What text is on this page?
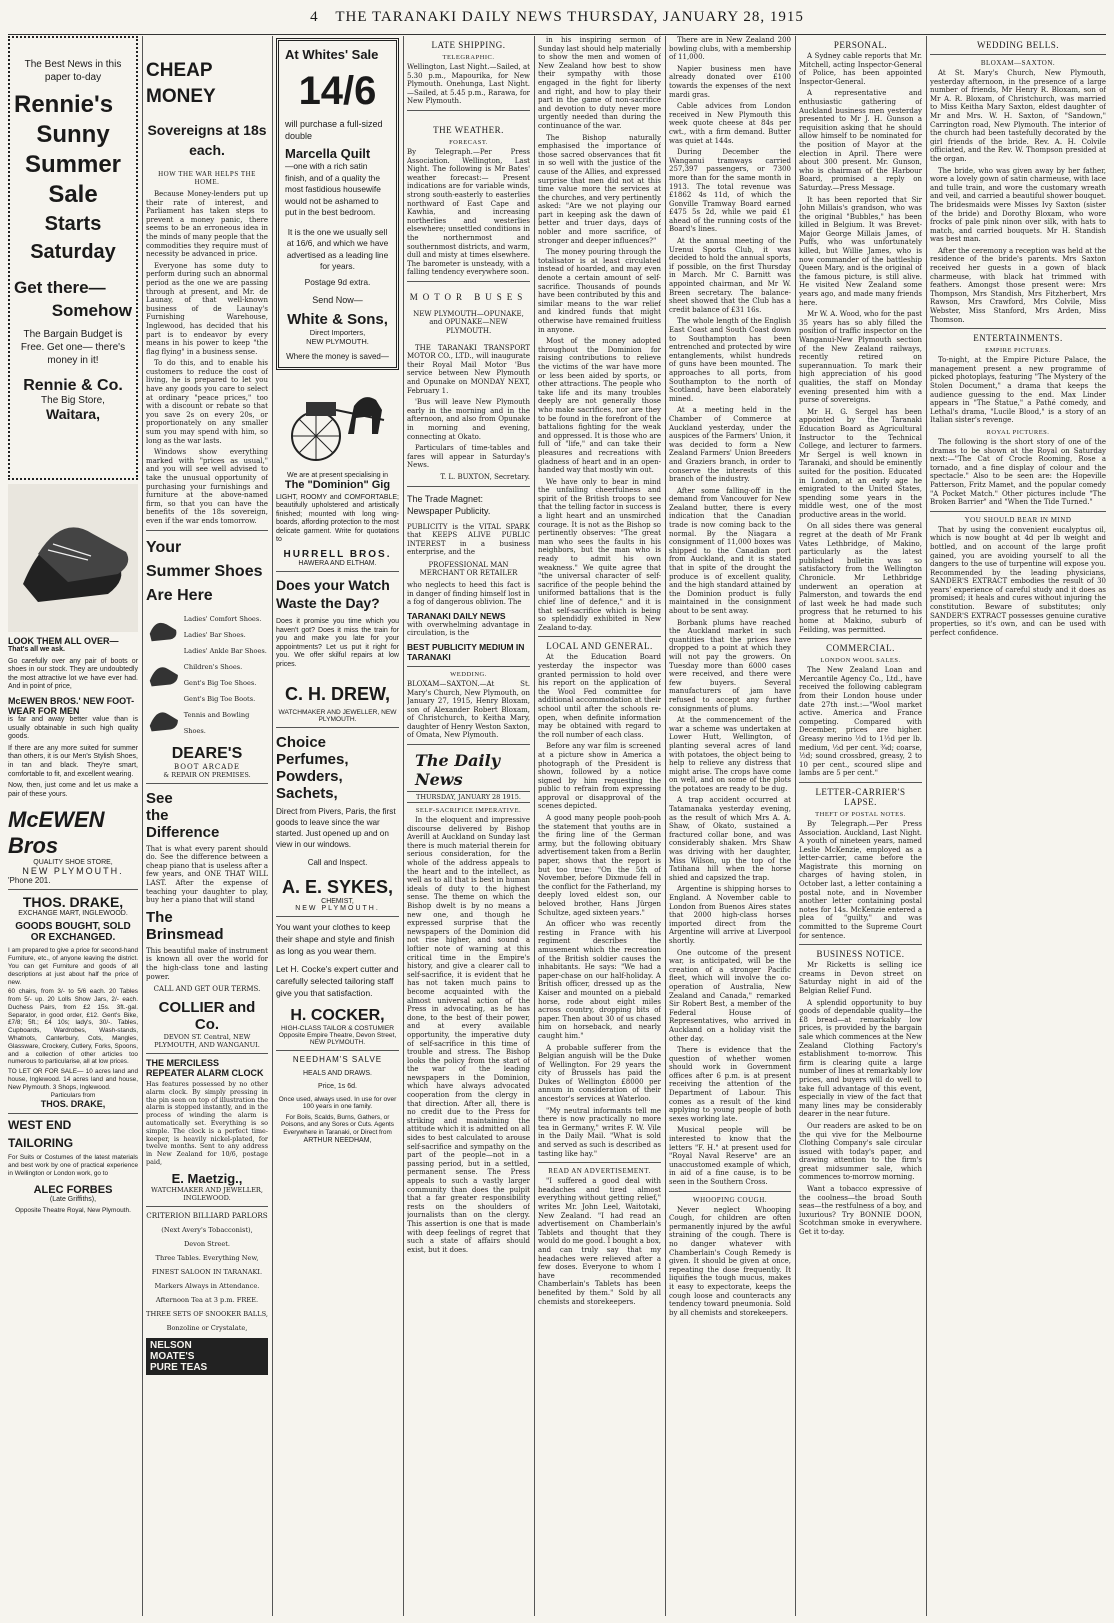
4 THE TARANAKI DAILY NEWS THURSDAY, JANUARY 28, 1915
The Best News in this paper to-day
Rennie's
Sunny
Summer
Sale
Starts
Saturday
Get there—
Somehow
The Bargain Budget is Free. Get one— there's money in it!
Rennie & Co.
The Big Store,
Waitara,
LOOK THEM ALL OVER—
That's all we ask.
Go carefully over any pair of boots or shoes in our stock. They are undoubtedly the most attractive lot we have ever had. And in point of price,
McEWEN BROS.' NEW FOOT-WEAR FOR MEN
is far and away better value than is usually obtainable in such high quality goods.
If there are any more suited for summer than others, it is our Men's Stylish Shoes, in tan and black. They're smart, comfortable to fit, and excellent wearing.
Now, then, just come and let us make a pair of these yours.
McEWEN Bros
QUALITY SHOE STORE,
NEW PLYMOUTH.
'Phone 201.
THOS. DRAKE,
EXCHANGE MART, INGLEWOOD.
GOODS BOUGHT, SOLD OR EXCHANGED.
I am prepared to give a price for second-hand Furniture, etc., of anyone leaving the district. You can get Furniture and goods of all descriptions at just about half the price of new.
60 chairs, from 3/- to 5/6 each. 20 Tables from 5/- up. 20 Lolls Show Jars, 2/- each. Duchess Pairs, from £2 15s. 3ft.-gal. Separator, in good order, £12. Gent's Bike, £7/8; 5ft.; £4 10s; lady's, 30/-. Tables, Cupboards, Wardrobes, Wash-stands, Whatnots, Canterbury, Cots, Mangles, Glassware, Crockery, Cutlery, Forks, Spoons, and a collection of other articles too numerous to particularise, all at low prices.
TO LET OR FOR SALE— 10 acres land and house, Inglewood. 14 acres land and house, New Plymouth. 3 Shops, Inglewood.
Particulars from
THOS. DRAKE,
WEST END
TAILORING
For Suits or Costumes of the latest materials and best work by one of practical experience in Wellington or London work, go to
ALEC FORBES
(Late Griffiths),
Opposite Theatre Royal, New Plymouth.
CHEAP MONEY
Sovereigns at 18s each.
HOW THE WAR HELPS THE HOME.
Because Money-lenders put up their rate of interest, and Parliament has taken steps to prevent a money panic, there seems to be an erroneous idea in the minds of many people that the commodities they require must of necessity be advanced in price.
Everyone has some duty to perform during such an abnormal period as the one we are passing through at present, and Mr. de Launay, of that well-known business of de Launay's Furnishing Warehouse, Inglewood, has decided that his part is to endeavor by every means in his power to keep "the flag flying" in a business sense.
To do this, and to enable his customers to reduce the cost of living, he is prepared to let you have any goods you care to select at ordinary "peace prices," too with a discount or rebate so that you save 2s on every 20s, or proportionately on any smaller sum you may spend with him, so long as the war lasts.
Windows show everything marked with "prices as usual," and you will see well advised to take the unusual opportunity of purchasing your furnishings and furniture at the above-named firm, so that you can have the benefits of the 18s sovereign, even if the war ends tomorrow.
Your
Summer Shoes
Are Here
Ladies' Comfort Shoes.
Ladies' Bar Shoes.
Ladies' Ankle Bar Shoes.
Children's Shoes.
Gent's Big Toe Shoes.
Gent's Big Toe Boots.
Tennis and Bowling Shoes.
DEARE'S
BOOT ARCADE
& REPAIR ON PREMISES.
See
the
Difference
That is what every parent should do. See the difference between a cheap piano that is useless after a few years, and ONE THAT WILL LAST. After the expense of teaching your daughter to play, buy her a piano that will stand
The
Brinsmead
This beautiful make of instrument is known all over the world for the high-class tone and lasting power.
CALL AND GET OUR TERMS.
COLLIER and Co.
DEVON ST. Central, NEW PLYMOUTH, AND WANGANUI.
THE MERCILESS REPEATER ALARM CLOCK
Has features possessed by no other alarm clock. By simply pressing in the pin seen on top of illustration the alarm is stopped instantly, and in the process of winding the alarm is automatically set. Everything is so simple. The clock is a perfect time-keeper, is heavily nickel-plated, for twelve months. Sent to any address in New Zealand for 10/6, postage paid,
E. Maetzig.,
WATCHMAKER AND JEWELLER,
INGLEWOOD.
CRITERION BILLIARD PARLORS
(Next Avery's Tobacconist),
Devon Street.
Three Tables. Everything New,
FINEST SALOON IN TARANAKI.
Markers Always in Attendance.
Afternoon Tea at 3 p.m. FREE.
THREE SETS OF SNOOKER BALLS,
Bonzoline or Crystalate,
NELSON
MOATE'S
PURE TEAS
At Whites' Sale
14/6
will purchase a full-sized double
Marcella Quilt
—one with a rich satin finish, and of a quality the most fastidious housewife would not be ashamed to put in the best bedroom.
It is the one we usually sell at 16/6, and which we have advertised as a leading line for years.
Postage 9d extra.
Send Now—
White & Sons,
Direct Importers,
NEW PLYMOUTH.
Where the money is saved—
We are at present specialising in
The "Dominion" Gig
LIGHT, ROOMY and COMFORTABLE; beautifully upholstered and artistically finished; mounted with long wing-boards, affording protection to the most delicate garment. Write for quotations to
HURRELL BROS.
HAWERA AND ELTHAM.
Does your Watch Waste the Day?
Does it promise you time which you haven't got? Does it miss the train for you and make you late for your appointments? Let us put it right for you. We offer skilful repairs at low prices.
C. H. DREW,
WATCHMAKER AND JEWELLER, NEW PLYMOUTH.
Choice
Perfumes,
Powders,
Sachets,
Direct from Pivers, Paris, the first goods to leave since the war started. Just opened up and on view in our windows.
Call and Inspect.
A. E. SYKES,
CHEMIST,
NEW PLYMOUTH.
You want your clothes to keep their shape and style and finish as long as you wear them.
Let H. Cocke's expert cutter and carefully selected tailoring staff give you that satisfaction.
H. COCKER,
HIGH-CLASS TAILOR & COSTUMIER
Opposite Empire Theatre, Devon Street, NEW PLYMOUTH.
NEEDHAM'S SALVE
HEALS AND DRAWS.
Price, 1s 6d.
Once used, always used. In use for over 100 years in one family.
For Boils, Scalds, Burns, Gathers, or Poisons, and any Sores or Cuts. Agents Everywhere in Taranaki, or Direct from
ARTHUR NEEDHAM,
LATE SHIPPING.
TELEGRAPHIC.
Wellington, Last Night.—Sailed, at 5.30 p.m., Mapourika, for New Plymouth. Onehunga, Last Night.—Sailed, at 5.45 p.m., Rarawa, for New Plymouth.
THE WEATHER.
FORECAST.
By Telegraph.—Per Press Association. Wellington, Last Night. The following is Mr Bates' weather forecast:— Present indications are for variable winds, strong south-easterly to easterlies northward of East Cape and Kawhia, and increasing northerlies and westerlies elsewhere; unsettled conditions in the northernmost and southernmost districts, and warm, dull and misty at times elsewhere. The barometer is unsteady, with a falling tendency everywhere soon.
MOTOR BUSES
NEW PLYMOUTH—OPUNAKE, and OPUNAKE—NEW PLYMOUTH.
THE TARANAKI TRANSPORT MOTOR CO., LTD., will inaugurate their Royal Mail Motor 'Bus service between New Plymouth and Opunake on MONDAY NEXT, February 1.
'Bus will leave New Plymouth early in the morning and in the afternoon, and also from Opunake in morning and evening, connecting at Okato.
Particulars of time-tables and fares will appear in Saturday's News.
T. L. BUXTON, Secretary.
The Trade Magnet: Newspaper Publicity.
PUBLICITY is the VITAL SPARK that KEEPS ALIVE PUBLIC INTEREST in a business enterprise, and the
PROFESSIONAL MAN MERCHANT OR RETAILER
who neglects to heed this fact is in danger of finding himself lost in a fog of dangerous oblivion. The
TARANAKI DAILY NEWS
with overwhelming advantage in circulation, is the
BEST PUBLICITY MEDIUM IN TARANAKI
WEDDING.
BLOXAM—SAXTON.—At St. Mary's Church, New Plymouth, on January 27, 1915, Henry Bloxam, son of Alexander Robert Bloxam, of Christchurch, to Keitha Mary, daughter of Henry Weston Saxton, of Omata, New Plymouth.
The Daily News
THURSDAY, JANUARY 28 1915.
SELF-SACRIFICE IMPERATIVE.
In the eloquent and impressive discourse delivered by Bishop Averill at Auckland on Sunday last there is much material therein for serious consideration, for the whole of the address appeals to the heart and to the intellect, as well as to all that is best in human ideals of duty to the highest sense. The theme on which the Bishop dwelt is by no means a new one, and though he expressed surprise that the newspapers of the Dominion did not rise higher, and sound a loftier note of warning at this critical time in the Empire's history, and give a clearer call to self-sacrifice, it is evident that he has not taken much pains to become acquainted with the almost universal action of the Press in advocating, as he has done, to the best of their power, and at every available opportunity, the imperative duty of self-sacrifice in this time of trouble and stress. The Bishop looks the policy from the start of the war of the leading newspapers in the Dominion, which have always advocated cooperation from the clergy in that direction. After all, there is no credit due to the Press for striking and maintaining the attitude which it is admitted on all sides to best calculated to arouse self-sacrifice and sympathy on the part of the people—not in a passing period, but in a settled, permanent sense. The Press appeals to such a vastly larger community than does the pulpit that a far greater responsibility rests on the shoulders of journalists than on the clergy. This assertion is one that is made with deep feelings of regret that such a state of affairs should exist, but it does.
in his inspiring sermon of Sunday last should help materially to show the men and women of New Zealand how best to show their sympathy with those engaged in the fight for liberty and right, and how to play their part in the game of non-sacrifice and devotion to duty never more urgently needed than during the continuance of the war.
The Bishop naturally emphasised the importance of those sacred observances that fit in so well with the justice of the cause of the Allies, and expressed surprise that men did not at this time value more the services at the churches, and very pertinently asked: "Are we not playing our part in keeping ask the dawn of better and truer days, days of nobler and more sacrifice, of stronger and deeper influences?"
The money pouring through the totalisator is at least circulated instead of hoarded, and may even denote a certain amount of self-sacrifice. Thousands of pounds have been contributed by this and similar means to the war relief and kindred funds that might otherwise have remained fruitless in anyone.
Most of the money adopted throughout the Dominion for raising contributions to relieve the victims of the war have more or less been aided by sports, or other attractions. The people who take life and its many troubles deeply are not generally those who make sacrifices, nor are they to be found in the forefront of the battalions fighting for the weak and oppressed. It is those who are full of "life," and can take their pleasures and recreations with gladness of heart and in an open-handed way that mostly win out.
We have only to bear in mind the unfailing cheerfulness and spirit of the British troops to see that the telling factor in success is a light heart and an unsmirched courage. It is not as the Bishop so pertinently observes: "The great man who sees the faults in his neighbors, but the man who is ready to admit his own weakness." We quite agree that "the universal character of self-sacrifice of the people behind the uniformed battalions that is the chief line of defence," and it is that self-sacrifice which is being so splendidly exhibited in New Zealand to-day.
LOCAL AND GENERAL.
At the Education Board yesterday the inspector was granted permission to hold over his report on the application of the Wool Fed committee for additional accommodation at their school until after the schools re-open, when definite information may be obtained with regard to the roll number of each class.
Before any war film is screened at a picture show in America a photograph of the President is shown, followed by a notice signed by him requesting the public to refrain from expressing approval or disapproval of the scenes depicted.
A good many people pooh-pooh the statement that youths are in the firing line of the German army, but the following obituary advertisement taken from a Berlin paper, shows that the report is but too true: "On the 5th of November, before Dixmude fell in the conflict for the Fatherland, my deeply loved eldest son, our beloved brother, Hans Jürgen Schultze, aged sixteen years."
An officer who was recently resting in France with his regiment describes the amusement which the recreation of the British soldier causes the inhabitants. He says: "We had a paper-chase on our half-holiday. A British officer, dressed up as the Kaiser and mounted on a piebald horse, rode about eight miles across country, dropping bits of paper. Then about 30 of us chased him on horseback, and nearly caught him."
A probable sufferer from the Belgian anguish will be the Duke of Wellington. For 29 years the city of Brussels has paid the Dukes of Wellington £8000 per annum in consideration of their ancestor's services at Waterloo.
"My neutral informants tell me there is now practically no more tea in Germany," writes F. W. Vile in the Daily Mail. "What is sold and served as such is described as tasting like hay."
READ AN ADVERTISEMENT.
"I suffered a good deal with headaches and tired almost everything without getting relief," writes Mr. John Leel, Waitotaki, New Zealand. "I had read an advertisement on Chamberlain's Tablets and thought that they would do me good. I bought a box, and can truly say that my headaches were relieved after a few doses. Everyone to whom I have recommended Chamberlain's Tablets has been benefited by them." Sold by all chemists and storekeepers.
There are in New Zealand 200 bowling clubs, with a membership of 11,000.
Napier business men have already donated over £100 towards the expenses of the next mardi gras.
Cable advices from London received in New Plymouth this week quote cheese at 84s per cwt., with a firm demand. Butter was quiet at 144s.
During December the Wanganui tramways carried 257,397 passengers, or 7300 more than for the same month in 1913. The total revenue was £1862 4s 11d, of which the Gonville Tramway Board earned £475 5s 2d, while we paid £1 ahead of the running costs of the Board's lines.
At the annual meeting of the Urenui Sports Club, it was decided to hold the annual sports, if possible, on the first Thursday in March. Mr C. Barnitt was appointed chairman, and Mr W. Breen secretary. The balance-sheet showed that the Club has a credit balance of £31 16s.
The whole length of the English East Coast and South Coast down to Southampton has been entrenched and protected by wire entanglements, whilst hundreds of guns have been mounted. The approaches to all ports, from Southampton to the north of Scotland, have been elaborately mined.
At a meeting held in the Chamber of Commerce at Auckland yesterday, under the auspices of the Farmers' Union, it was decided to form a New Zealand Farmers' Union Breeders and Graziers branch, in order to conserve the interests of this branch of the industry.
After some falling-off in the demand from Vancouver for New Zealand butter, there is every indication that the Canadian trade is now coming back to the normal. By the Niagara a consignment of 11,000 boxes was shipped to the Canadian port from Auckland, and it is stated that in spite of the drought the produce is of excellent quality, and the high standard attained by the Dominion product is fully maintained in the consignment about to be sent away.
Borbank plums have reached the Auckland market in such quantities that the prices have dropped to a point at which they will not pay the growers. On Tuesday more than 6000 cases were received, and there were few buyers. Several manufacturers of jam have refused to accept any further consignments of plums.
At the commencement of the war a scheme was undertaken at Lower Hutt, Wellington, of planting several acres of land with potatoes, the object being to help to relieve any distress that might arise. The crops have come on well, and on some of the plots the potatoes are ready to be dug.
A trap accident occurred at Tatamanaka yesterday evening, as the result of which Mrs A. A. Shaw, of Okato, sustained a fractured collar bone, and was considerably shaken. Mrs Shaw was driving with her daughter, Miss Wilson, up the top of the Tatihana hill when the horse shied and capsized the trap.
Argentine is shipping horses to England. A November cable to London from Buenos Aires states that 2000 high-class horses imported direct from the Argentine will arrive at Liverpool shortly.
One outcome of the present war, is anticipated, will be the creation of a stronger Pacific fleet, which will involve the co-operation of Australia, New Zealand and Canada," remarked Sir Robert Best, a member of the Federal House of Representatives, who arrived in Auckland on a holiday visit the other day.
There is evidence that the question of whether women should work in Government offices after 6 p.m. is at present receiving the attention of the Department of Labour. This comes as a result of the kind applying to young people of both sexes working late.
Musical people will be interested to know that the letters "F. H." at present used for "Royal Naval Reserve" are an unaccustomed example of which, in aid of a fine cause, is to be seen in the Southern Cross.
WHOOPING COUGH.
Never neglect Whooping Cough, for children are often permanently injured by the awful straining of the cough. There is no danger whatever with Chamberlain's Cough Remedy is given. It should be given at once, repeating the dose frequently. It liquifies the tough mucus, makes it easy to expectorate, keeps the cough loose and counteracts any tendency toward pneumonia. Sold by all chemists and storekeepers.
PERSONAL.
A Sydney cable reports that Mr. Mitchell, acting Inspector-General of Police, has been appointed Inspector-General.
A representative and enthusiastic gathering of Auckland business men yesterday presented to Mr J. H. Gunson a requisition asking that he should allow himself to be nominated for the position of Mayor at the election in April. There were about 300 present. Mr. Gunson, who is chairman of the Harbour Board, promised a reply on Saturday.—Press Message.
It has been reported that Sir John Millais's grandson, who was the original "Bubbles," has been killed in Belgium. It was Brevet-Major George Millais James, of Puffs, who was unfortunately killed, but Willie James, who is now commander of the battleship Queen Mary, and is the original of the famous picture, is still alive. He visited New Zealand some years ago, and made many friends here.
Mr W. A. Wood, who for the past 35 years has so ably filled the position of traffic inspector on the Wanganui-New Plymouth section of the New Zealand railways, recently retired on superannuation. To mark their high appreciation of his good qualities, the staff on Monday evening presented him with a purse of sovereigns.
Mr H. G. Sergel has been appointed by the Taranaki Education Board as Agricultural Instructor to the Technical College, and lecturer to farmers. Mr Sergel is well known in Taranaki, and should be eminently suited for the position. Educated in London, at an early age he emigrated to the United States, spending some years in the middle west, one of the most productive areas in the world.
On all sides there was general regret at the death of Mr Frank Vates Lethbridge, of Makino, particularly as the latest published bulletin was so satisfactory from the Wellington Chronicle. Mr Lethbridge underwent an operation at Palmerston, and towards the end of last week he had made such progress that he returned to his home at Makino, suburb of Feilding, was permitted.
COMMERCIAL.
LONDON WOOL SALES.
The New Zealand Loan and Mercantile Agency Co., Ltd., have received the following cablegram from their London house under date 27th inst.:—"Wool market active. America and France competing. Compared with December, prices are higher. Greasy merino ½d to 1½d per lb. medium, ½d per cent. ¾d; coarse, ½d; sound crossbred, greasy, 2 to 10 per cent., scoured slipe and lambs are 5 per cent."
LETTER-CARRIER'S LAPSE.
THEFT OF POSTAL NOTES.
By Telegraph.—Per Press Association. Auckland, Last Night. A youth of nineteen years, named Leslie McKenzie, employed as a letter-carrier, came before the Magistrate this morning on charges of having stolen, in October last, a letter containing a postal note, and in November another letter containing postal notes for 14s. McKenzie entered a plea of "guilty," and was committed to the Supreme Court for sentence.
BUSINESS NOTICE.
Mr Ricketts is selling ice creams in Devon street on Saturday night in aid of the Belgian Relief Fund.
A splendid opportunity to buy goods of dependable quality—the £8 bread—at remarkably low prices, is provided by the bargain sale which commences at the New Zealand Clothing Factory's establishment to-morrow. This firm is clearing quite a large number of lines at remarkably low prices, and buyers will do well to take full advantage of this event, especially in view of the fact that many lines may be considerably dearer in the near future.
Our readers are asked to be on the qui vive for the Melbourne Clothing Company's sale circular issued with today's paper, and drawing attention to the firm's great midsummer sale, which commences to-morrow morning.
Want a tobacco expressive of the coolness—the broad South seas—the restfulness of a boy, and luxurious? Try BONNIE DOON, Scotchman smoke in everywhere. Get it to-day.
WEDDING BELLS.
BLOXAM—SAXTON.
At St. Mary's Church, New Plymouth, yesterday afternoon, in the presence of a large number of friends, Mr Henry R. Bloxam, son of Mr A. R. Bloxam, of Christchurch, was married to Miss Keitha Mary Saxton, eldest daughter of Mr and Mrs. W. H. Saxton, of "Sandown," Carrington road, New Plymouth. The interior of the church had been tastefully decorated by the girl friends of the bride. Rev. A. H. Colvile officiated, and the Rev. W. Thompson presided at the organ.
The bride, who was given away by her father, wore a lovely gown of satin charmeuse, with lace and tulle train, and wore the customary wreath and veil, and carried a beautiful shower bouquet. The bridesmaids were Misses Ivy Saxton (sister of the bride) and Dorothy Bloxam, who wore frocks of pale pink ninon over silk, with hats to match, and carried bouquets. Mr H. Standish was best man.
After the ceremony a reception was held at the residence of the bride's parents. Mrs Saxton received her guests in a gown of black charmeuse, with black hat trimmed with feathers. Amongst those present were: Mrs Thompson, Mrs Standish, Mrs Fitzherbert, Mrs Rawson, Mrs Crawford, Mrs Colvile, Miss Webster, Miss Stanford, Mrs Arden, Miss Thomson.
ENTERTAINMENTS.
EMPIRE PICTURES.
To-night, at the Empire Picture Palace, the management present a new programme of picked photoplays, featuring "The Mystery of the Stolen Document," a drama that keeps the audience guessing to the end. Max Linder appears in "The Statue," a Pathé comedy, and Lethal's drama, "Lucile Blood," is a story of an Italian sister's revenge.
ROYAL PICTURES.
The following is the short story of one of the dramas to be shown at the Royal on Saturday next:—"The Cat of Crocle Rooming, Rose a tornado, and a fine display of colour and the spectacle." Also to be seen are: the Hopeville Patterson, Fritz Mamet, and the popular comedy "A Pocket Match." Other pictures include "The Broken Barrier" and "When the Tide Turned."
YOU SHOULD BEAR IN MIND
That by using the convenient eucalyptus oil, which is now bought at 4d per lb weight and bottled, and on account of the large profit gained, you are avoiding yourself to all the dangers to the use of turpentine will expose you. Recommended by the leading physicians, SANDER'S EXTRACT embodies the result of 30 years' experience of careful study and it does as promised; it heals and cures without injuring the constitution. Beware of substitutes; only SANDER'S EXTRACT possesses genuine curative properties, so it's own, and can be used with perfect confidence.
